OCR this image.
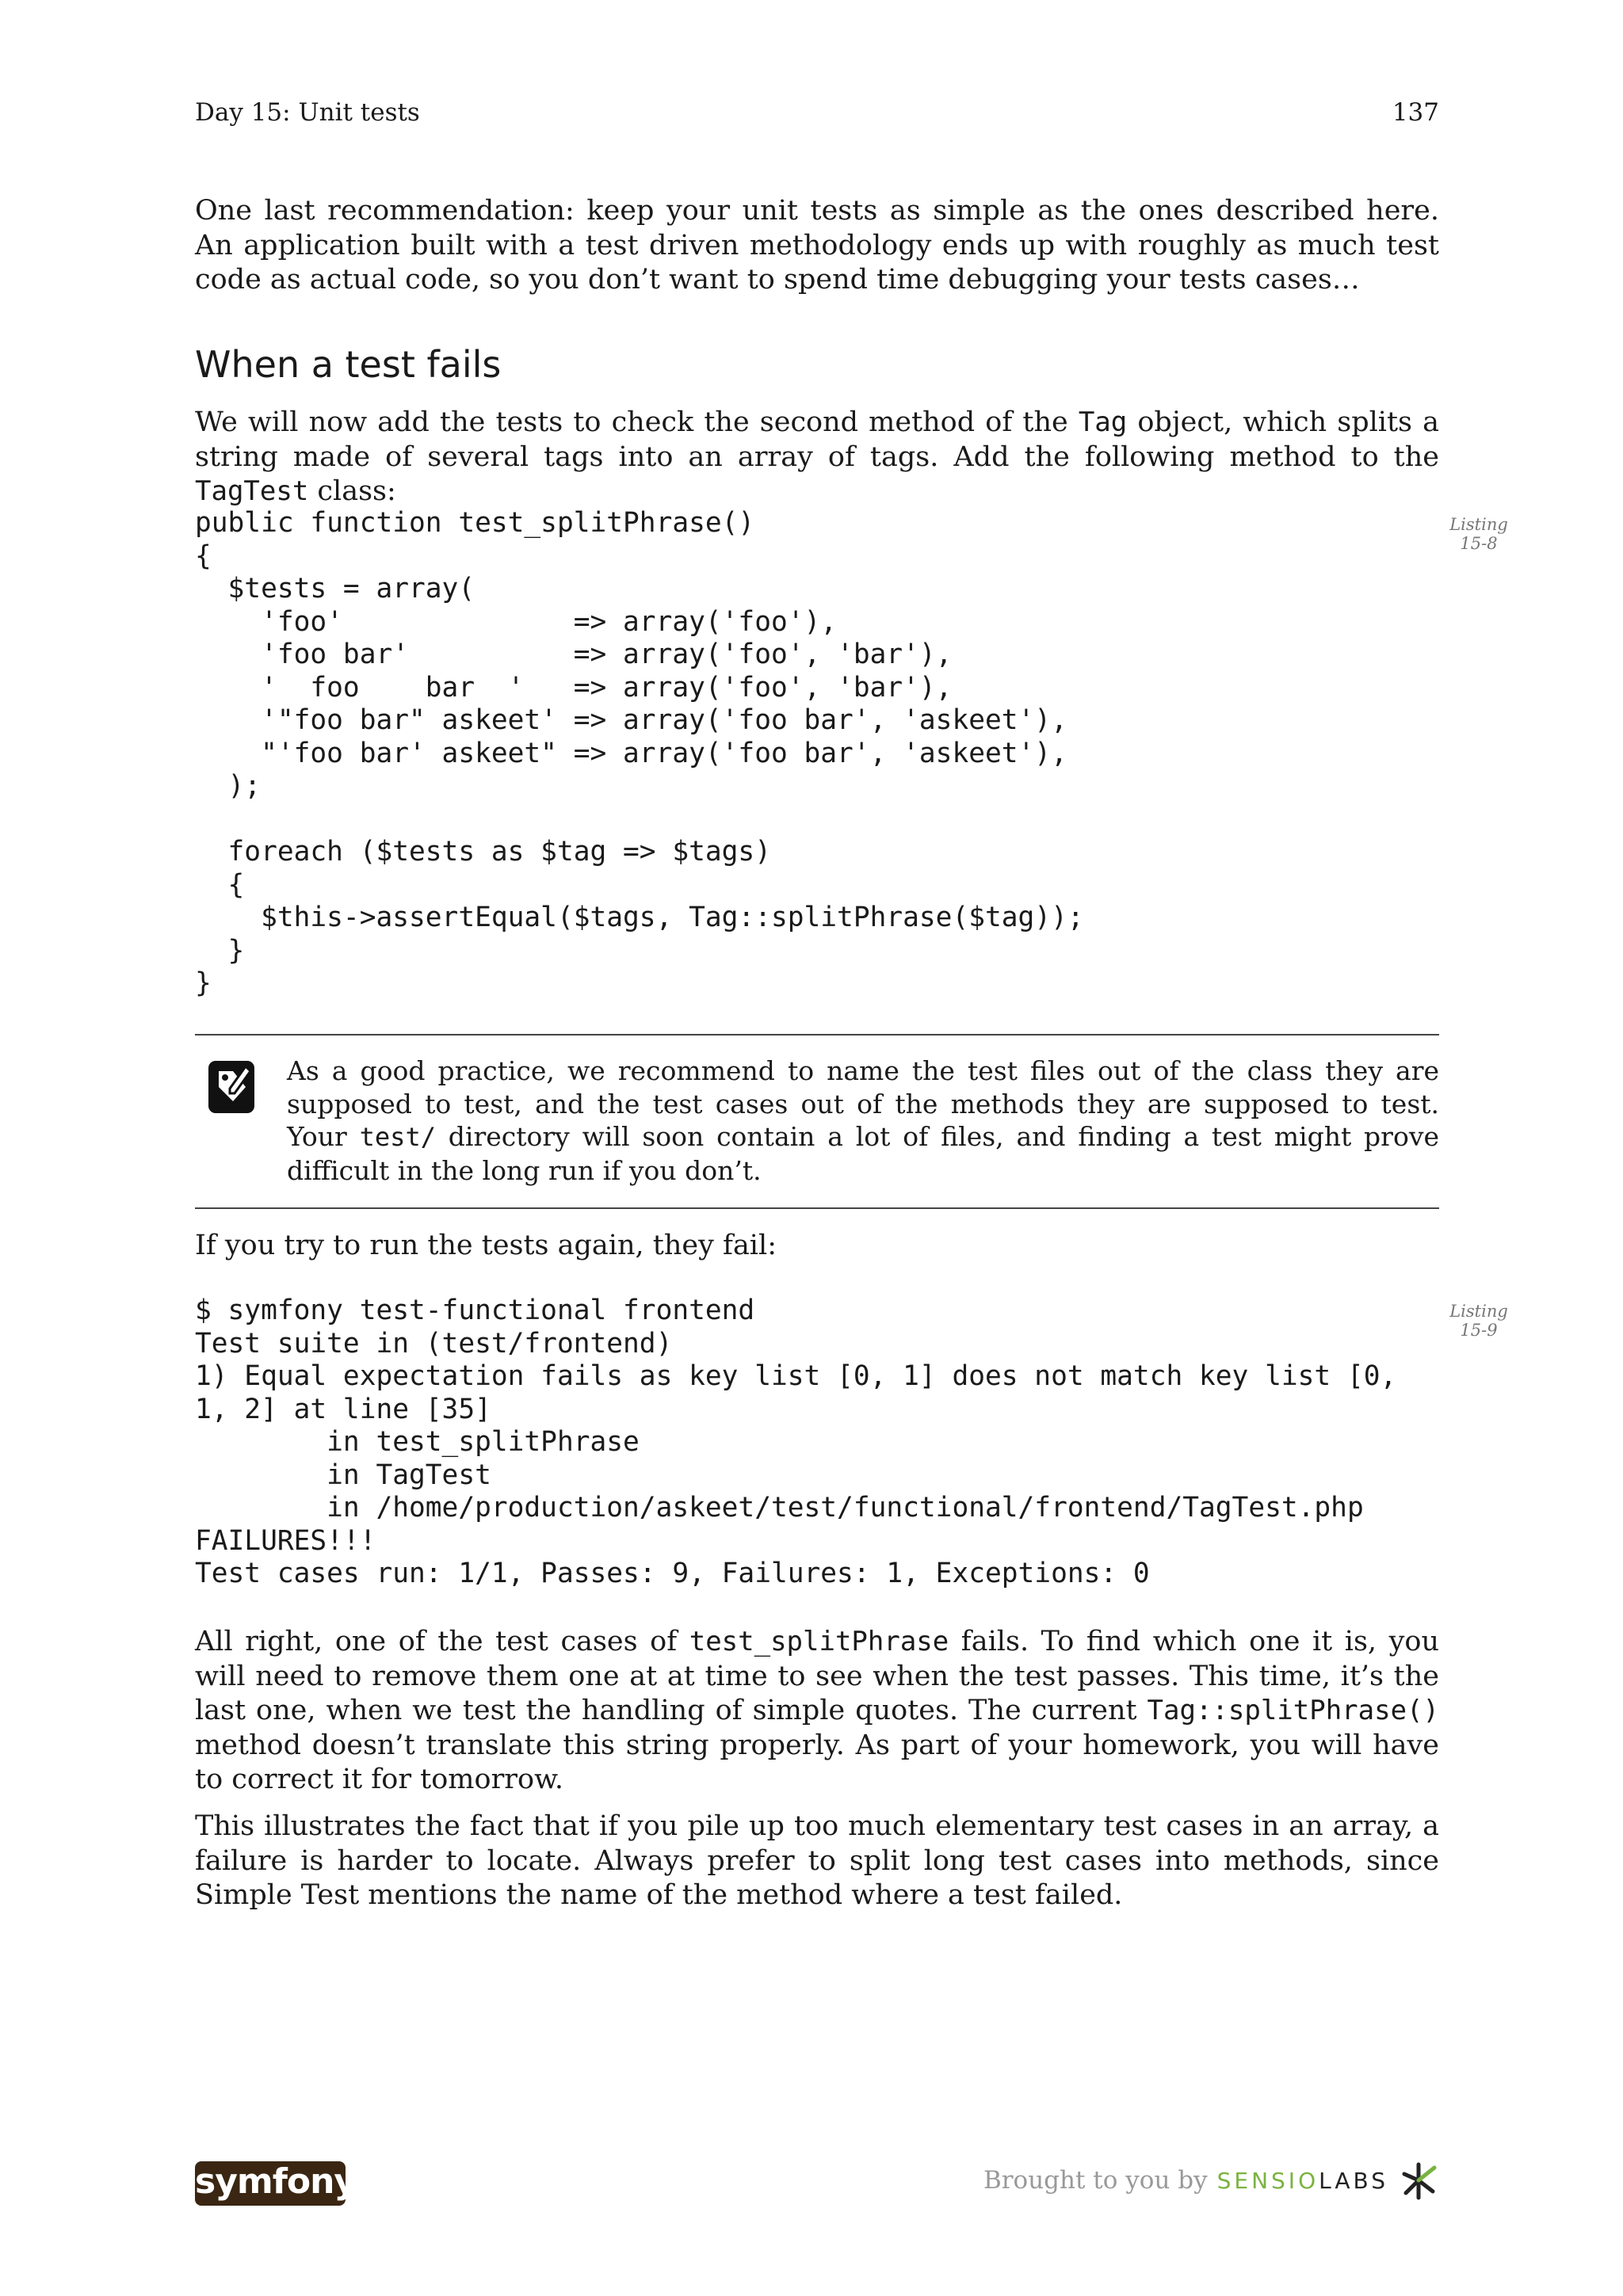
Day 15: Unit tests	137

One last recommendation: keep your unit tests as simple as the ones described here. An application built with a test driven methodology ends up with roughly as much test code as actual code, so you don’t want to spend time debugging your tests cases…

When a test fails

We will now add the tests to check the second method of the Tag object, which splits a string made of several tags into an array of tags. Add the following method to the TagTest class:

public function test_splitPhrase()
{
$tests = array(
'foo'              => array('foo'),
'foo bar'          => array('foo', 'bar'),
'  foo    bar  '   => array('foo', 'bar'),
'"foo bar" askeet' => array('foo bar', 'askeet'),
"'foo bar' askeet" => array('foo bar', 'askeet'),
);

foreach ($tests as $tag => $tags)
{
$this->assertEqual($tags, Tag::splitPhrase($tag));
}
}
Listing
15-8

As a good practice, we recommend to name the test files out of the class they are supposed to test, and the test cases out of the methods they are supposed to test. Your test/ directory will soon contain a lot of files, and finding a test might prove difficult in the long run if you don’t.

If you try to run the tests again, they fail:

$ symfony test-functional frontend
Test suite in (test/frontend)
1) Equal expectation fails as key list [0, 1] does not match key list [0,
1, 2] at line [35]
in test_splitPhrase
in TagTest
in /home/production/askeet/test/functional/frontend/TagTest.php
FAILURES!!!
Test cases run: 1/1, Passes: 9, Failures: 1, Exceptions: 0
Listing
15-9

All right, one of the test cases of test_splitPhrase fails. To find which one it is, you will need to remove them one at at time to see when the test passes. This time, it’s the last one, when we test the handling of simple quotes. The current Tag::splitPhrase() method doesn’t translate this string properly. As part of your homework, you will have to correct it for tomorrow.

This illustrates the fact that if you pile up too much elementary test cases in an array, a failure is harder to locate. Always prefer to split long test cases into methods, since Simple Test mentions the name of the method where a test failed.

symfony	Brought to you by SENSIOLABS
